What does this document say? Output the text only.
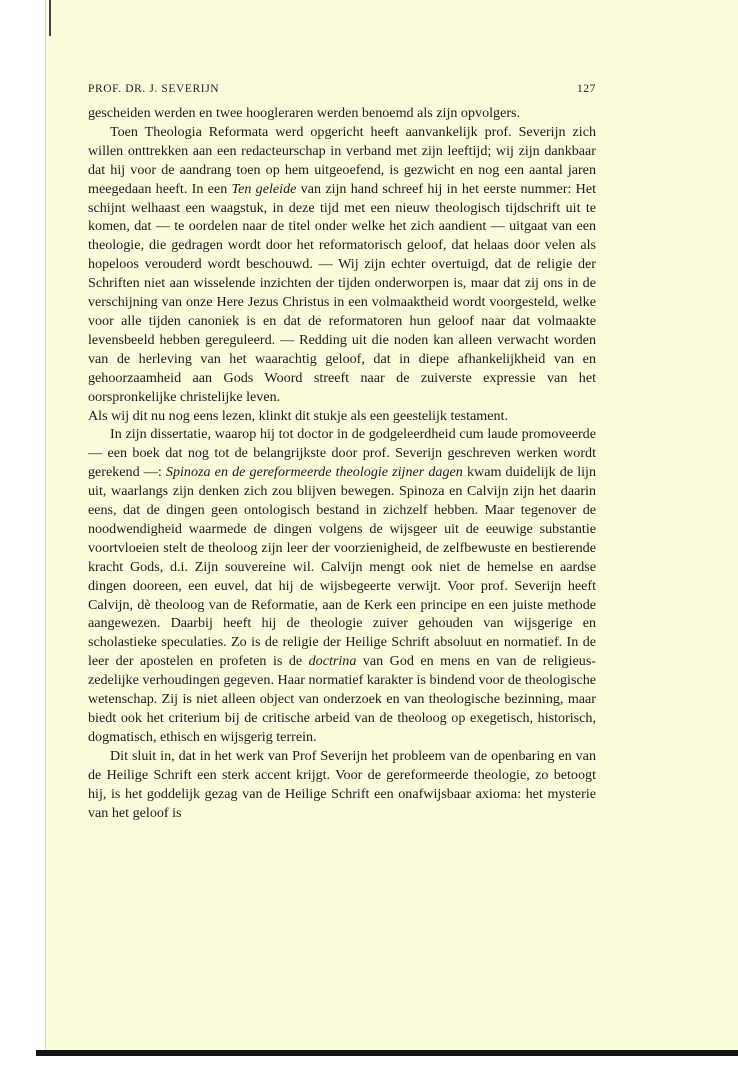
PROF. DR. J. SEVERIJN	127

gescheiden werden en twee hoogleraren werden benoemd als zijn opvolgers.

Toen Theologia Reformata werd opgericht heeft aanvankelijk prof. Severijn zich willen onttrekken aan een redacteurschap in verband met zijn leeftijd; wij zijn dankbaar dat hij voor de aandrang toen op hem uitgeoefend, is gezwicht en nog een aantal jaren meegedaan heeft. In een Ten geleide van zijn hand schreef hij in het eerste nummer: Het schijnt welhaast een waagstuk, in deze tijd met een nieuw theologisch tijdschrift uit te komen, dat — te oordelen naar de titel onder welke het zich aandient — uitgaat van een theologie, die gedragen wordt door het reformatorisch geloof, dat helaas door velen als hopeloos verouderd wordt beschouwd. — Wij zijn echter overtuigd, dat de religie der Schriften niet aan wisselende inzichten der tijden onderworpen is, maar dat zij ons in de verschijning van onze Here Jezus Christus in een volmaaktheid wordt voorgesteld, welke voor alle tijden canoniek is en dat de reformatoren hun geloof naar dat volmaakte levensbeeld hebben gereguleerd. — Redding uit die noden kan alleen verwacht worden van de herleving van het waarachtig geloof, dat in diepe afhankelijkheid van en gehoorzaamheid aan Gods Woord streeft naar de zuiverste expressie van het oorspronkelijke christelijke leven.

Als wij dit nu nog eens lezen, klinkt dit stukje als een geestelijk testament.

In zijn dissertatie, waarop hij tot doctor in de godgeleerdheid cum laude promoveerde — een boek dat nog tot de belangrijkste door prof. Severijn geschreven werken wordt gerekend —: Spinoza en de gereformeerde theologie zijner dagen kwam duidelijk de lijn uit, waarlangs zijn denken zich zou blijven bewegen. Spinoza en Calvijn zijn het daarin eens, dat de dingen geen ontologisch bestand in zichzelf hebben. Maar tegenover de noodwendigheid waarmede de dingen volgens de wijsgeer uit de eeuwige substantie voortvloeien stelt de theoloog zijn leer der voorzienigheid, de zelfbewuste en bestierende kracht Gods, d.i. Zijn souvereine wil. Calvijn mengt ook niet de hemelse en aardse dingen dooreen, een euvel, dat hij de wijsbegeerte verwijt. Voor prof. Severijn heeft Calvijn, dè theoloog van de Reformatie, aan de Kerk een principe en een juiste methode aangewezen. Daarbij heeft hij de theologie zuiver gehouden van wijsgerige en scholastieke speculaties. Zo is de religie der Heilige Schrift absoluut en normatief. In de leer der apostelen en profeten is de doctrina van God en mens en van de religieus-zedelijke verhoudingen gegeven. Haar normatief karakter is bindend voor de theologische wetenschap. Zij is niet alleen object van onderzoek en van theologische bezinning, maar biedt ook het criterium bij de critische arbeid van de theoloog op exegetisch, historisch, dogmatisch, ethisch en wijsgerig terrein.

Dit sluit in, dat in het werk van Prof Severijn het probleem van de openbaring en van de Heilige Schrift een sterk accent krijgt. Voor de gereformeerde theologie, zo betoogt hij, is het goddelijk gezag van de Heilige Schrift een onafwijsbaar axioma: het mysterie van het geloof is
